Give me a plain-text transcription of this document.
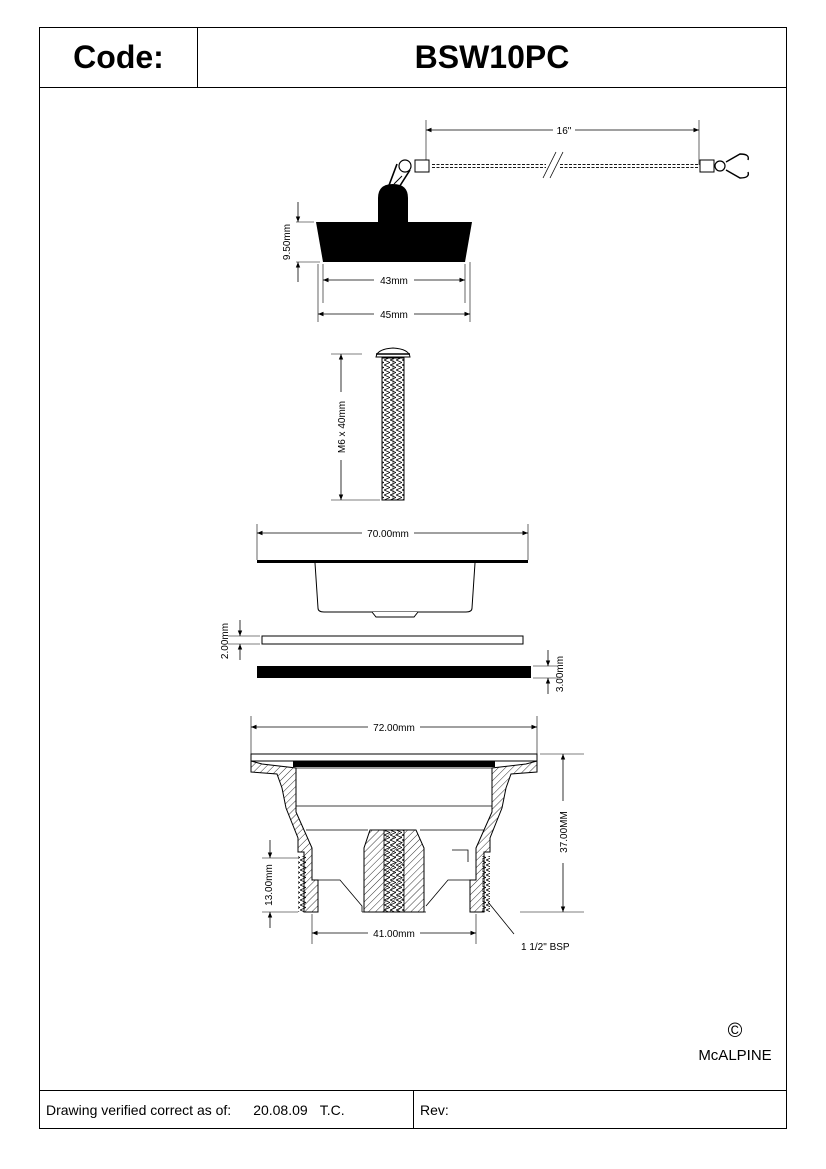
Code:	BSW10PC
Drawing verified correct as of: 20.08.09 T.C.	Rev:
16"
9.50mm
43mm
45mm
M6 x 40mm
70.00mm
2.00mm
3.00mm
72.00mm
37.00MM
13.00mm
41.00mm
1 1/2" BSP
©
McALPINE
